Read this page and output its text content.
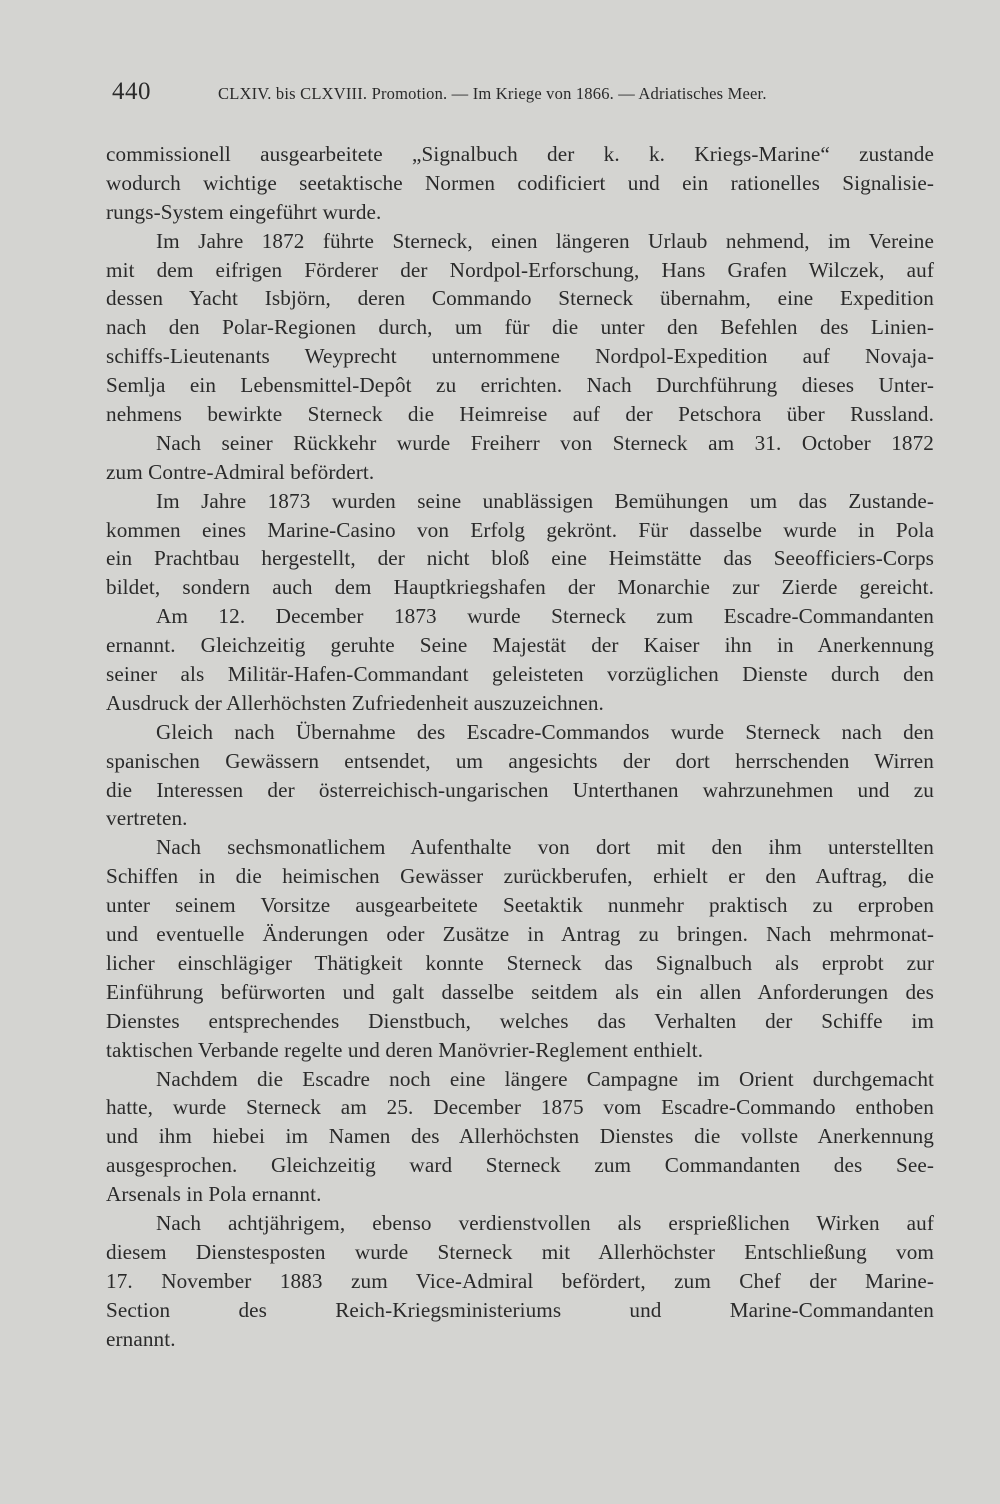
440	CLXIV. bis CLXVIII. Promotion. — Im Kriege von 1866. — Adriatisches Meer.
commissionell ausgearbeitete „Signalbuch der k. k. Kriegs-Marine“ zustande
wodurch wichtige seetaktische Normen codificiert und ein rationelles Signalisie-
rungs-System eingeführt wurde.
Im Jahre 1872 führte Sterneck, einen längeren Urlaub nehmend, im Vereine
mit dem eifrigen Förderer der Nordpol-Erforschung, Hans Grafen Wilczek, auf
dessen Yacht Isbjörn, deren Commando Sterneck übernahm, eine Expedition
nach den Polar-Regionen durch, um für die unter den Befehlen des Linien-
schiffs-Lieutenants Weyprecht unternommene Nordpol-Expedition auf Novaja-
Semlja ein Lebensmittel-Depôt zu errichten. Nach Durchführung dieses Unter-
nehmens bewirkte Sterneck die Heimreise auf der Petschora über Russland.
Nach seiner Rückkehr wurde Freiherr von Sterneck am 31. October 1872
zum Contre-Admiral befördert.
Im Jahre 1873 wurden seine unablässigen Bemühungen um das Zustande-
kommen eines Marine-Casino von Erfolg gekrönt. Für dasselbe wurde in Pola
ein Prachtbau hergestellt, der nicht bloß eine Heimstätte das Seeofficiers-Corps
bildet, sondern auch dem Hauptkriegshafen der Monarchie zur Zierde gereicht.
Am 12. December 1873 wurde Sterneck zum Escadre-Commandanten
ernannt. Gleichzeitig geruhte Seine Majestät der Kaiser ihn in Anerkennung
seiner als Militär-Hafen-Commandant geleisteten vorzüglichen Dienste durch den
Ausdruck der Allerhöchsten Zufriedenheit auszuzeichnen.
Gleich nach Übernahme des Escadre-Commandos wurde Sterneck nach den
spanischen Gewässern entsendet, um angesichts der dort herrschenden Wirren
die Interessen der österreichisch-ungarischen Unterthanen wahrzunehmen und zu
vertreten.
Nach sechsmonatlichem Aufenthalte von dort mit den ihm unterstellten
Schiffen in die heimischen Gewässer zurückberufen, erhielt er den Auftrag, die
unter seinem Vorsitze ausgearbeitete Seetaktik nunmehr praktisch zu erproben
und eventuelle Änderungen oder Zusätze in Antrag zu bringen. Nach mehrmonat-
licher einschlägiger Thätigkeit konnte Sterneck das Signalbuch als erprobt zur
Einführung befürworten und galt dasselbe seitdem als ein allen Anforderungen des
Dienstes entsprechendes Dienstbuch, welches das Verhalten der Schiffe im
taktischen Verbande regelte und deren Manövrier-Reglement enthielt.
Nachdem die Escadre noch eine längere Campagne im Orient durchgemacht
hatte, wurde Sterneck am 25. December 1875 vom Escadre-Commando enthoben
und ihm hiebei im Namen des Allerhöchsten Dienstes die vollste Anerkennung
ausgesprochen. Gleichzeitig ward Sterneck zum Commandanten des See-
Arsenals in Pola ernannt.
Nach achtjährigem, ebenso verdienstvollen als ersprießlichen Wirken auf
diesem Dienstesposten wurde Sterneck mit Allerhöchster Entschließung vom
17. November 1883 zum Vice-Admiral befördert, zum Chef der Marine-
Section des Reich-Kriegsministeriums und Marine-Commandanten
ernannt.
